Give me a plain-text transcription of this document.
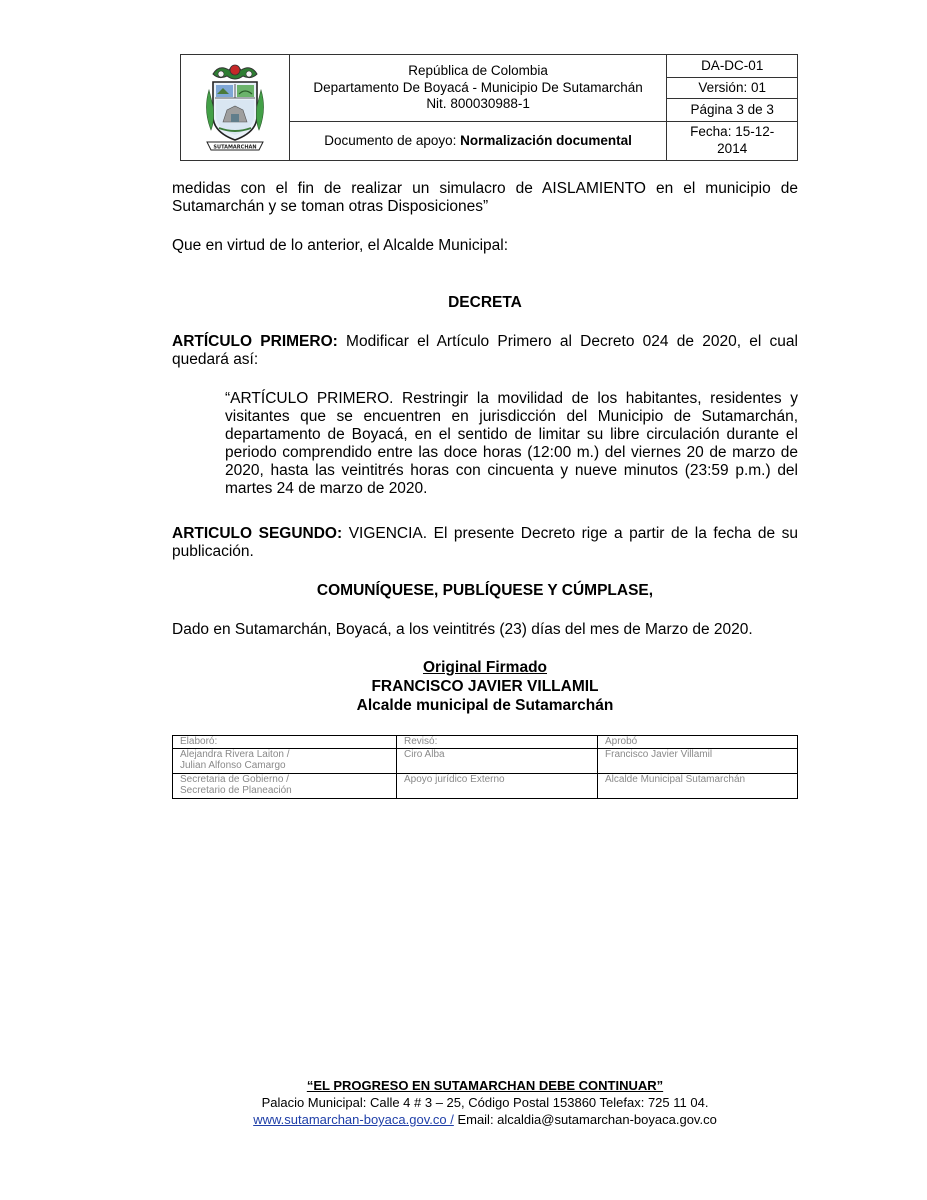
SUTAMARCHAN	República de Colombia
Departamento De Boyacá - Municipio De Sutamarchán
Nit. 800030988-1	DA-DC-01
		Versión: 01
		Página 3 de 3
	Documento de apoyo: Normalización documental	Fecha: 15-12-
2014
medidas con el fin de realizar un simulacro de AISLAMIENTO en el municipio de Sutamarchán y se toman otras Disposiciones”
Que en virtud de lo anterior, el Alcalde Municipal:
DECRETA
ARTÍCULO PRIMERO: Modificar el Artículo Primero al Decreto 024 de 2020, el cual quedará así:
“ARTÍCULO PRIMERO. Restringir la movilidad de los habitantes, residentes y visitantes que se encuentren en jurisdicción del Municipio de Sutamarchán, departamento de Boyacá, en el sentido de limitar su libre circulación durante el periodo comprendido entre las doce horas (12:00 m.) del viernes 20 de marzo de 2020, hasta las veintitrés horas con cincuenta y nueve minutos (23:59 p.m.) del martes 24 de marzo de 2020.
ARTICULO SEGUNDO: VIGENCIA. El presente Decreto rige a partir de la fecha de su publicación.
COMUNÍQUESE, PUBLÍQUESE Y CÚMPLASE,
Dado en Sutamarchán, Boyacá, a los veintitrés (23) días del mes de Marzo de 2020.
Original Firmado
FRANCISCO JAVIER VILLAMIL
Alcalde municipal de Sutamarchán
Elaboró:	Revisó:	Aprobó

Alejandra Rivera Laiton /
Julian Alfonso Camargo	Ciro Alba	Francisco Javier Villamil

Secretaria de Gobierno /
Secretario de Planeación	Apoyo jurídico Externo	Alcalde Municipal Sutamarchán
“EL PROGRESO EN SUTAMARCHAN DEBE CONTINUAR”
Palacio Municipal: Calle 4 # 3 – 25, Código Postal 153860 Telefax: 725 11 04.
www.sutamarchan-boyaca.gov.co / Email: alcaldia@sutamarchan-boyaca.gov.co
